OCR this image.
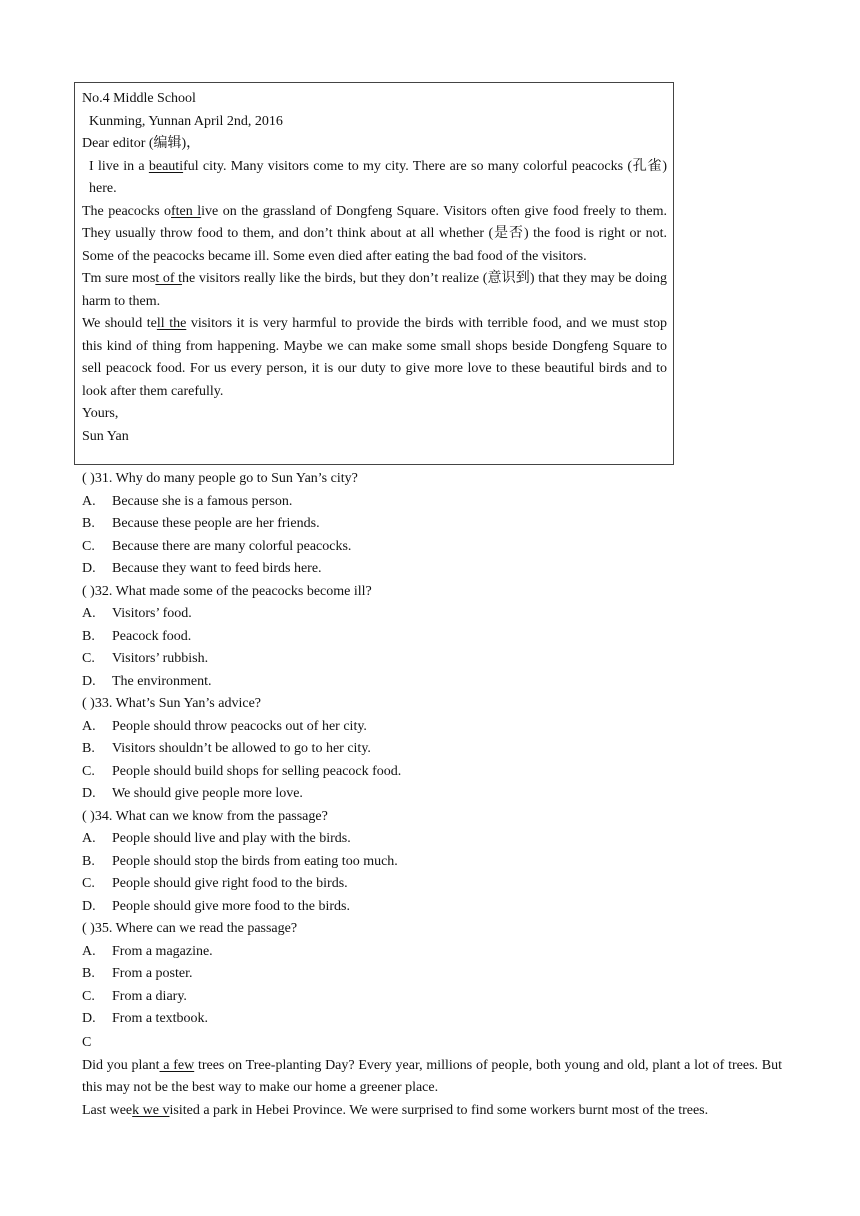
No.4 Middle School

Kunming, Yunnan April 2nd, 2016

Dear editor (编辑)，

I live in a beautiful city. Many visitors come to my city. There are so many colorful peacocks (孔雀) here.

The peacocks often live on the grassland of Dongfeng Square. Visitors often give food freely to them. They usually throw food to them, and don’t think about at all whether (是否) the food is right or not. Some of the peacocks became ill. Some even died after eating the bad food of the visitors.

Tm sure most of the visitors really like the birds, but they don’t realize (意识到) that they may be doing harm to them.

We should tell the visitors it is very harmful to provide the birds with terrible food, and we must stop this kind of thing from happening. Maybe we can make some small shops beside Dongfeng Square to sell peacock food. For us every person, it is our duty to give more love to these beautiful birds and to look after them carefully.

Yours,

Sun Yan

( )31. Why do many people go to Sun Yan’s city?
A. Because she is a famous person.
B. Because these people are her friends.
C. Because there are many colorful peacocks.
D. Because they want to feed birds here.
( )32. What made some of the peacocks become ill?
A. Visitors’ food.
B. Peacock food.
C. Visitors’ rubbish.
D. The environment.
( )33. What’s Sun Yan’s advice?
A. People should throw peacocks out of her city.
B. Visitors shouldn’t be allowed to go to her city.
C. People should build shops for selling peacock food.
D. We should give people more love.
( )34. What can we know from the passage?
A. People should live and play with the birds.
B. People should stop the birds from eating too much.
C. People should give right food to the birds.
D. People should give more food to the birds.
( )35. Where can we read the passage?
A. From a magazine.
B. From a poster.
C. From a diary.
D. From a textbook.

C

Did you plant a few trees on Tree-planting Day? Every year, millions of people, both young and old, plant a lot of trees. But this may not be the best way to make our home a greener place.

Last week we visited a park in Hebei Province. We were surprised to find some workers burnt most of the trees.
